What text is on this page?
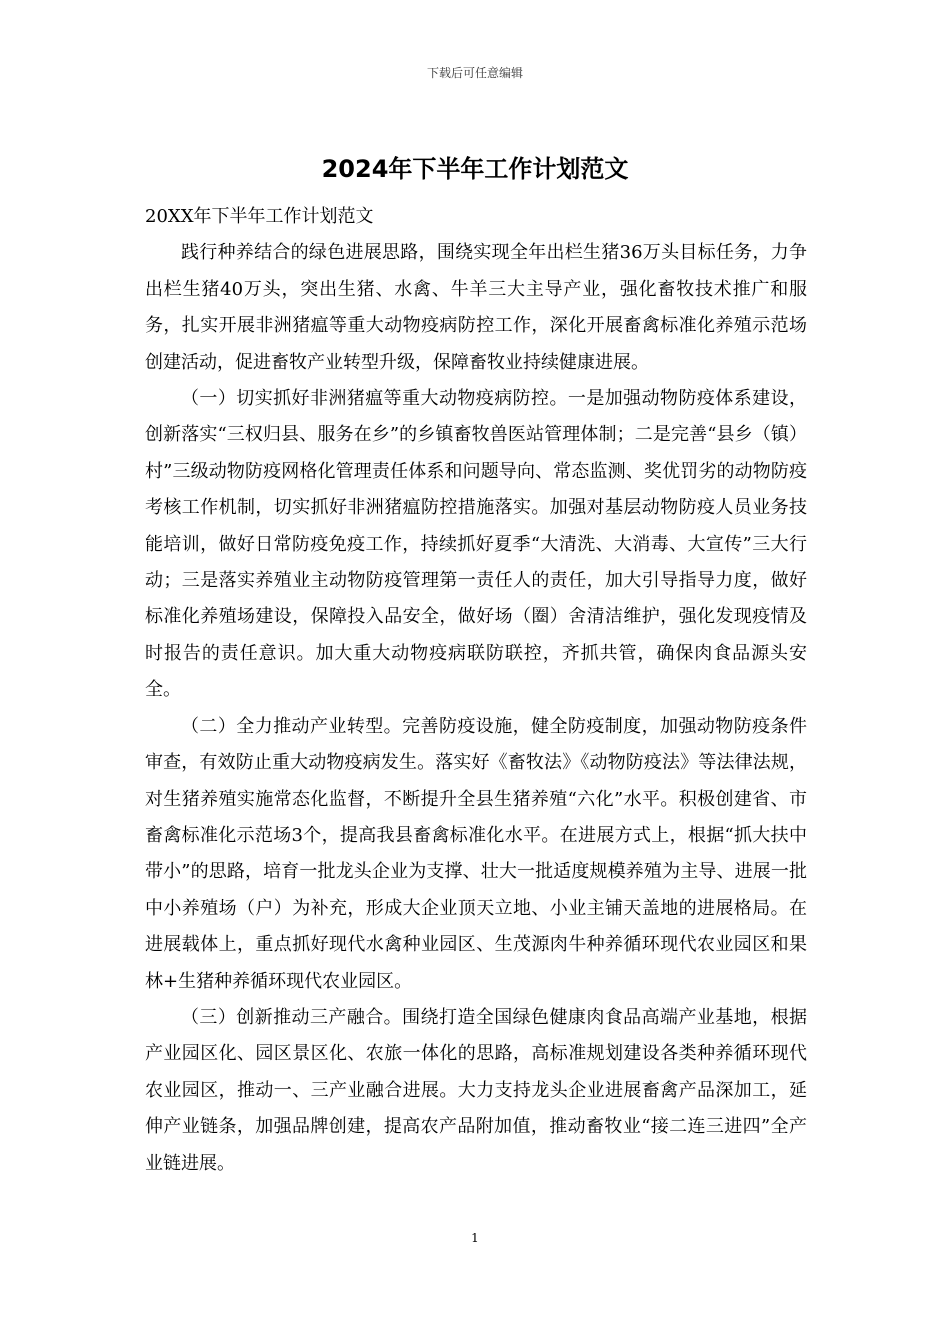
下载后可任意编辑
2024年下半年工作计划范文

20XX年下半年工作计划范文

践行种养结合的绿色进展思路，围绕实现全年出栏生猪36万头目标任务，力争出栏生猪40万头，突出生猪、水禽、牛羊三大主导产业，强化畜牧技术推广和服务，扎实开展非洲猪瘟等重大动物疫病防控工作，深化开展畜禽标准化养殖示范场创建活动，促进畜牧产业转型升级，保障畜牧业持续健康进展。

（一）切实抓好非洲猪瘟等重大动物疫病防控。一是加强动物防疫体系建设，创新落实“三权归县、服务在乡”的乡镇畜牧兽医站管理体制；二是完善“县乡（镇）村”三级动物防疫网格化管理责任体系和问题导向、常态监测、奖优罚劣的动物防疫考核工作机制，切实抓好非洲猪瘟防控措施落实。加强对基层动物防疫人员业务技能培训，做好日常防疫免疫工作，持续抓好夏季“大清洗、大消毒、大宣传”三大行动；三是落实养殖业主动物防疫管理第一责任人的责任，加大引导指导力度，做好标准化养殖场建设，保障投入品安全，做好场（圈）舍清洁维护，强化发现疫情及时报告的责任意识。加大重大动物疫病联防联控，齐抓共管，确保肉食品源头安全。

（二）全力推动产业转型。完善防疫设施，健全防疫制度，加强动物防疫条件审查，有效防止重大动物疫病发生。落实好《畜牧法》《动物防疫法》等法律法规，对生猪养殖实施常态化监督，不断提升全县生猪养殖“六化”水平。积极创建省、市畜禽标准化示范场3个，提高我县畜禽标准化水平。在进展方式上，根据“抓大扶中带小”的思路，培育一批龙头企业为支撑、壮大一批适度规模养殖为主导、进展一批中小养殖场（户）为补充，形成大企业顶天立地、小业主铺天盖地的进展格局。在进展载体上，重点抓好现代水禽种业园区、生茂源肉牛种养循环现代农业园区和果林+生猪种养循环现代农业园区。

（三）创新推动三产融合。围绕打造全国绿色健康肉食品高端产业基地，根据产业园区化、园区景区化、农旅一体化的思路，高标准规划建设各类种养循环现代农业园区，推动一、三产业融合进展。大力支持龙头企业进展畜禽产品深加工，延伸产业链条，加强品牌创建，提高农产品附加值，推动畜牧业“接二连三进四”全产业链进展。

1
